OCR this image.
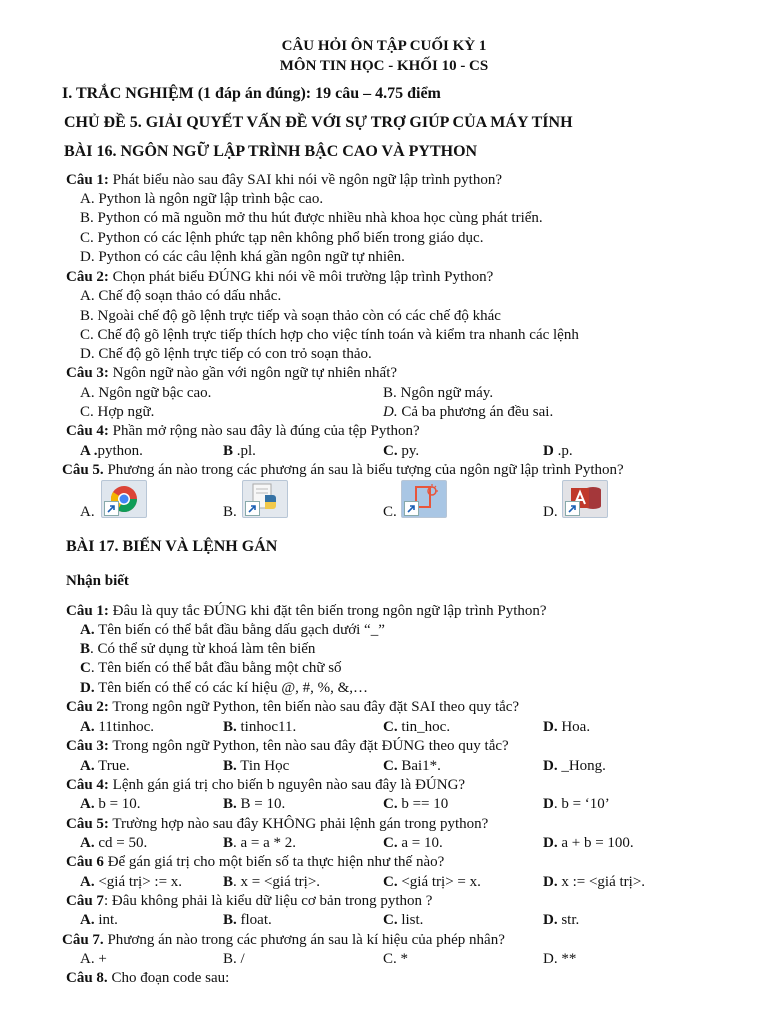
CÂU HỎI ÔN TẬP CUỐI KỲ 1
MÔN TIN HỌC - KHỐI 10 - CS
I. TRẮC NGHIỆM (1 đáp án đúng): 19 câu – 4.75 điểm
CHỦ ĐỀ 5. GIẢI QUYẾT VẤN ĐỀ VỚI SỰ TRỢ GIÚP CỦA MÁY TÍNH
BÀI 16. NGÔN NGỮ LẬP TRÌNH BẬC CAO VÀ PYTHON
Câu 1: Phát biểu nào sau đây SAI khi nói về ngôn ngữ lập trình python?
A. Python là ngôn ngữ lập trình bậc cao.
B. Python có mã nguồn mở thu hút được nhiều nhà khoa học cùng phát triển.
C. Python có các lệnh phức tạp nên không phổ biến trong giáo dục.
D. Python có các câu lệnh khá gần ngôn ngữ tự nhiên.
Câu 2: Chọn phát biểu ĐÚNG khi nói về môi trường lập trình Python?
A. Chế độ soạn thảo có dấu nhắc.
B. Ngoài chế độ gõ lệnh trực tiếp và soạn thảo còn có các chế độ khác
C. Chế độ gõ lệnh trực tiếp thích hợp cho việc tính toán và kiểm tra nhanh các lệnh
D. Chế độ gõ lệnh trực tiếp có con trỏ soạn thảo.
Câu 3: Ngôn ngữ nào gần với ngôn ngữ tự nhiên nhất?
A. Ngôn ngữ bậc cao.	B. Ngôn ngữ máy.
C. Hợp ngữ.	D. Cả ba phương án đều sai.
Câu 4: Phần mở rộng nào sau đây là đúng của tệp Python?
A .python.	B .pl.	C. py.	D .p.
Câu 5. Phương án nào trong các phương án sau là biểu tượng của ngôn ngữ lập trình Python?
A.	B.	C.	D.
BÀI 17. BIẾN VÀ LỆNH GÁN
Nhận biết
Câu 1: Đâu là quy tắc ĐÚNG khi đặt tên biến trong ngôn ngữ lập trình Python?
A. Tên biến có thể bắt đầu bằng dấu gạch dưới “_”
B. Có thể sử dụng từ khoá làm tên biến
C. Tên biến có thể bắt đầu bằng một chữ số
D. Tên biến có thể có các kí hiệu @, #, %, &,…
Câu 2: Trong ngôn ngữ Python, tên biến nào sau đây đặt SAI theo quy tắc?
A. 11tinhoc.	B. tinhoc11.	C. tin_hoc.	D. Hoa.
Câu 3: Trong ngôn ngữ Python, tên nào sau đây đặt ĐÚNG theo quy tắc?
A. True.	B. Tin Học	C. Bai1*.	D. _Hong.
Câu 4: Lệnh gán giá trị cho biến b nguyên nào sau đây là ĐÚNG?
A. b = 10.	B. B = 10.	C. b == 10	D. b = ‘10’
Câu 5: Trường hợp nào sau đây KHÔNG phải lệnh gán trong python?
A. cd = 50.	B. a = a * 2.	C. a = 10.	D. a + b = 100.
Câu 6 Để gán giá trị cho một biến số ta thực hiện như thế nào?
A. <giá trị> := x.	B. x = <giá trị>.	C. <giá trị> = x.	D. x := <giá trị>.
Câu 7: Đâu không phải là kiểu dữ liệu cơ bản trong python ?
A. int.	B. float.	C. list.	D. str.
Câu 7. Phương án nào trong các phương án sau là kí hiệu của phép nhân?
A. +	B. /	C. *	D. **
Câu 8. Cho đoạn code sau:
